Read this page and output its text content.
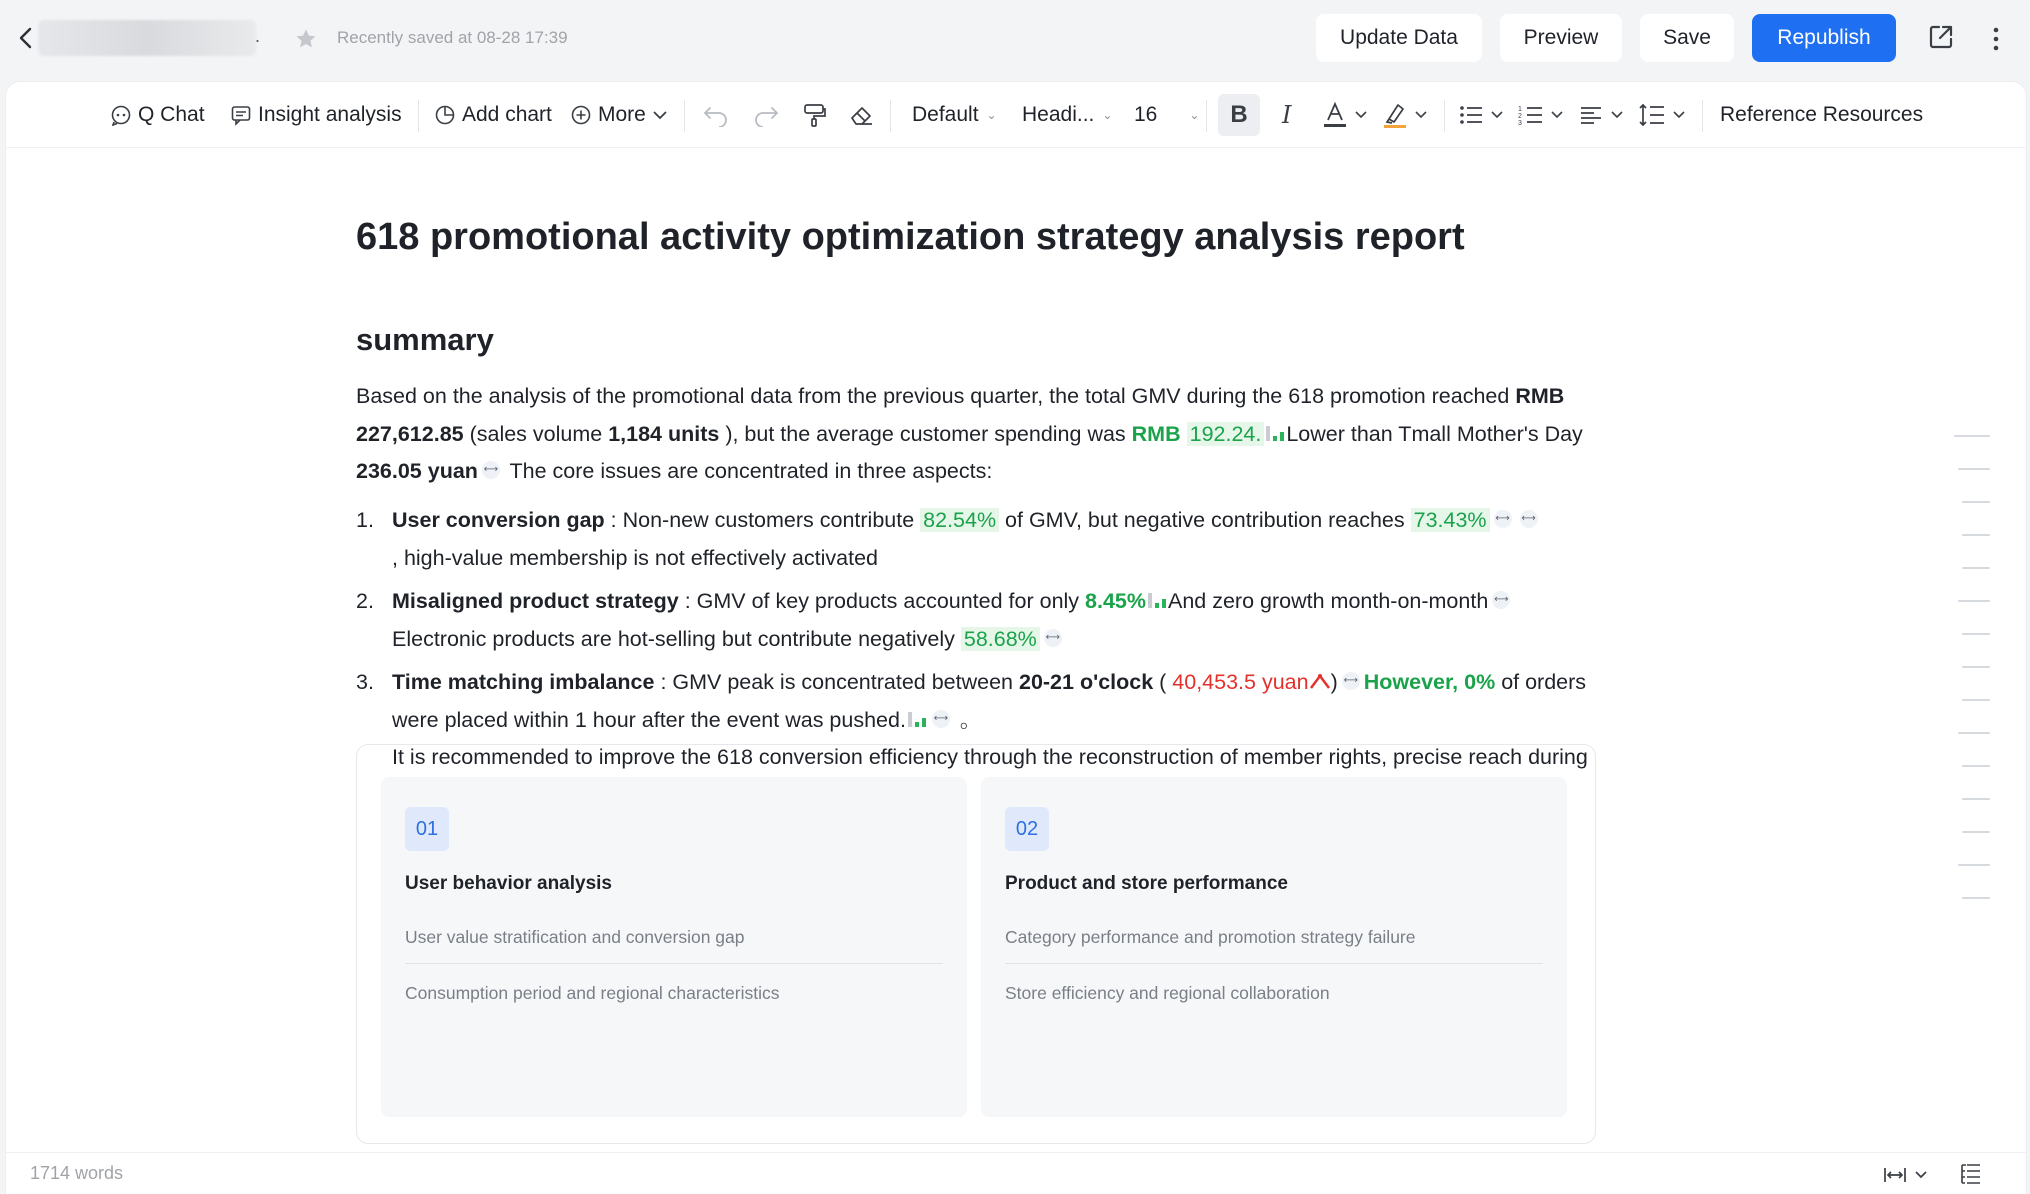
.	Recently saved at 08-28 17:39	Update Data	Preview	Save	Republish
Q Chat	Insight analysis	Add chart More	Default ⌄ Headi... ⌄ 16	⌄	B	I	1
2
3	Reference Resources
618 promotional activity optimization strategy analysis report
summary
Based on the analysis of the promotional data from the previous quarter, the total GMV during the 618 promotion reached RMB 227,612.85 (sales volume 1,184 units ), but the average customer spending was RMB 192.24. Lower than Tmall Mother's Day 236.05 yuan ⟷ The core issues are concentrated in three aspects:
1. User conversion gap : Non-new customers contribute 82.54% of GMV, but negative contribution reaches 73.43% ⟷ ⟷
, high-value membership is not effectively activated
2. Misaligned product strategy : GMV of key products accounted for only 8.45% And zero growth month-on-month ⟷
Electronic products are hot-selling but contribute negatively 58.68% ⟷
3. Time matching imbalance : GMV peak is concentrated between 20-21 o'clock ( 40,453.5 yuan ) ⟷ However, 0% of orders were placed within 1 hour after the event was pushed.	⟷ 。
It is recommended to improve the 618 conversion efficiency through the reconstruction of member rights, precise reach during
01
User behavior analysis
User value stratification and conversion gap
Consumption period and regional characteristics
02
Product and store performance
Category performance and promotion strategy failure
Store efficiency and regional collaboration
1714 words
